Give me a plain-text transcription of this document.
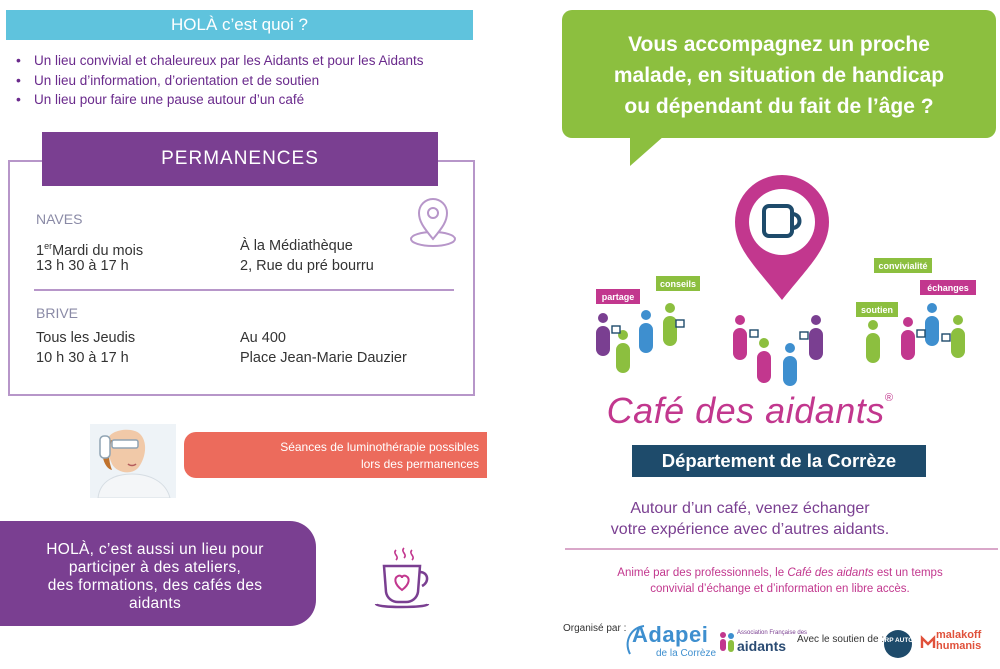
HOLÀ c’est quoi ?
• Un lieu convivial et chaleureux par les Aidants et pour les Aidants
• Un lieu d’information, d’orientation et de soutien
• Un lieu pour faire une pause autour d’un café
PERMANENCES
NAVES
1erMardi du mois
13 h 30 à 17 h
À la Médiathèque
2, Rue du pré bourru
BRIVE
Tous les Jeudis
10 h 30 à 17 h
Au 400
Place Jean-Marie Dauzier
Séances de luminothérapie possibles
lors des permanences
HOLÀ, c’est aussi un lieu pour
participer à des ateliers,
des formations, des cafés des
aidants
Vous accompagnez un proche
malade, en situation de handicap
ou dépendant du fait de l’âge ?
partage
conseils
convivialité
soutien
échanges
Café des aidants®
Département de la Corrèze
Autour d’un café, venez échanger
votre expérience avec d’autres aidants.
Animé par des professionnels, le Café des aidants est un temps
convivial d’échange et d’information en libre accès.
Organisé par : Adapei
de la Corrèze
Association Française des
aidants Avec le soutien de :
IRP AUTO malakoff
humanis
